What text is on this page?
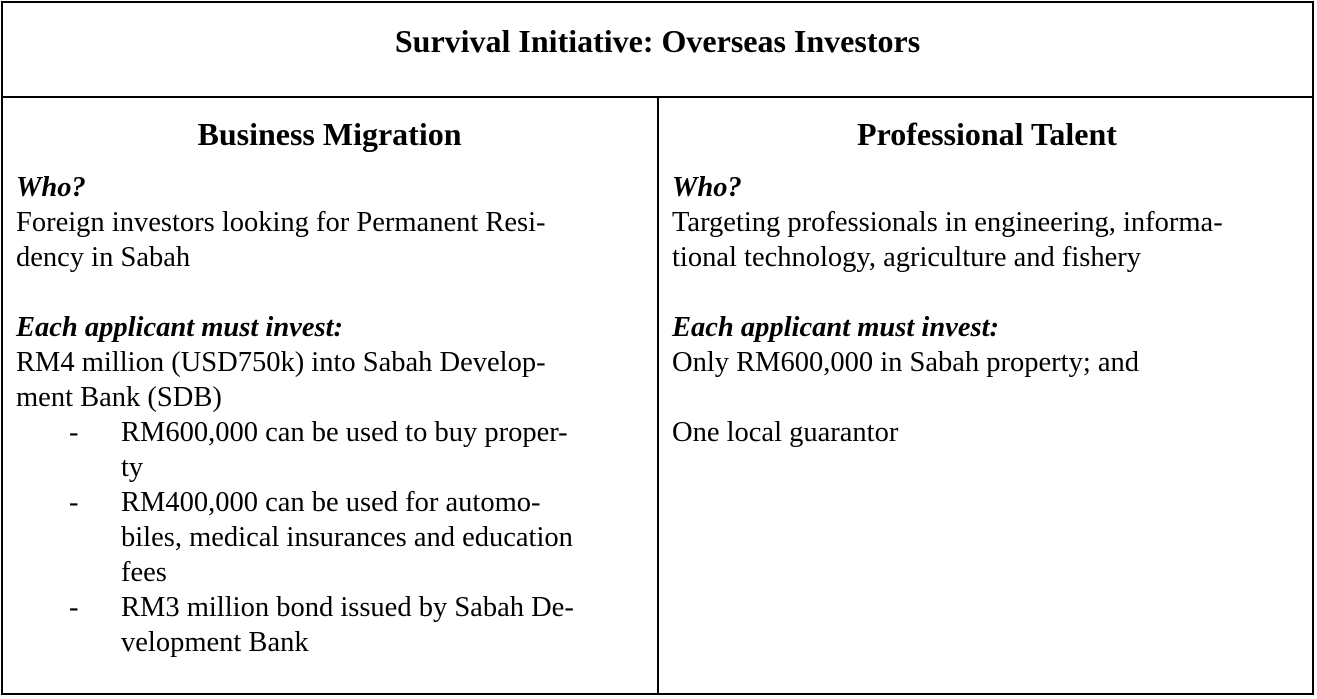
Survival Initiative: Overseas Investors
Business Migration
Who?
Foreign investors looking for Permanent Resi-
dency in Sabah
Each applicant must invest:
RM4 million (USD750k) into Sabah Develop-
ment Bank (SDB)
- RM600,000 can be used to buy proper-
ty
- RM400,000 can be used for automo-
biles, medical insurances and education
fees
- RM3 million bond issued by Sabah De-
velopment Bank
Professional Talent
Who?
Targeting professionals in engineering, informa-
tional technology, agriculture and fishery
Each applicant must invest:
Only RM600,000 in Sabah property; and
One local guarantor
